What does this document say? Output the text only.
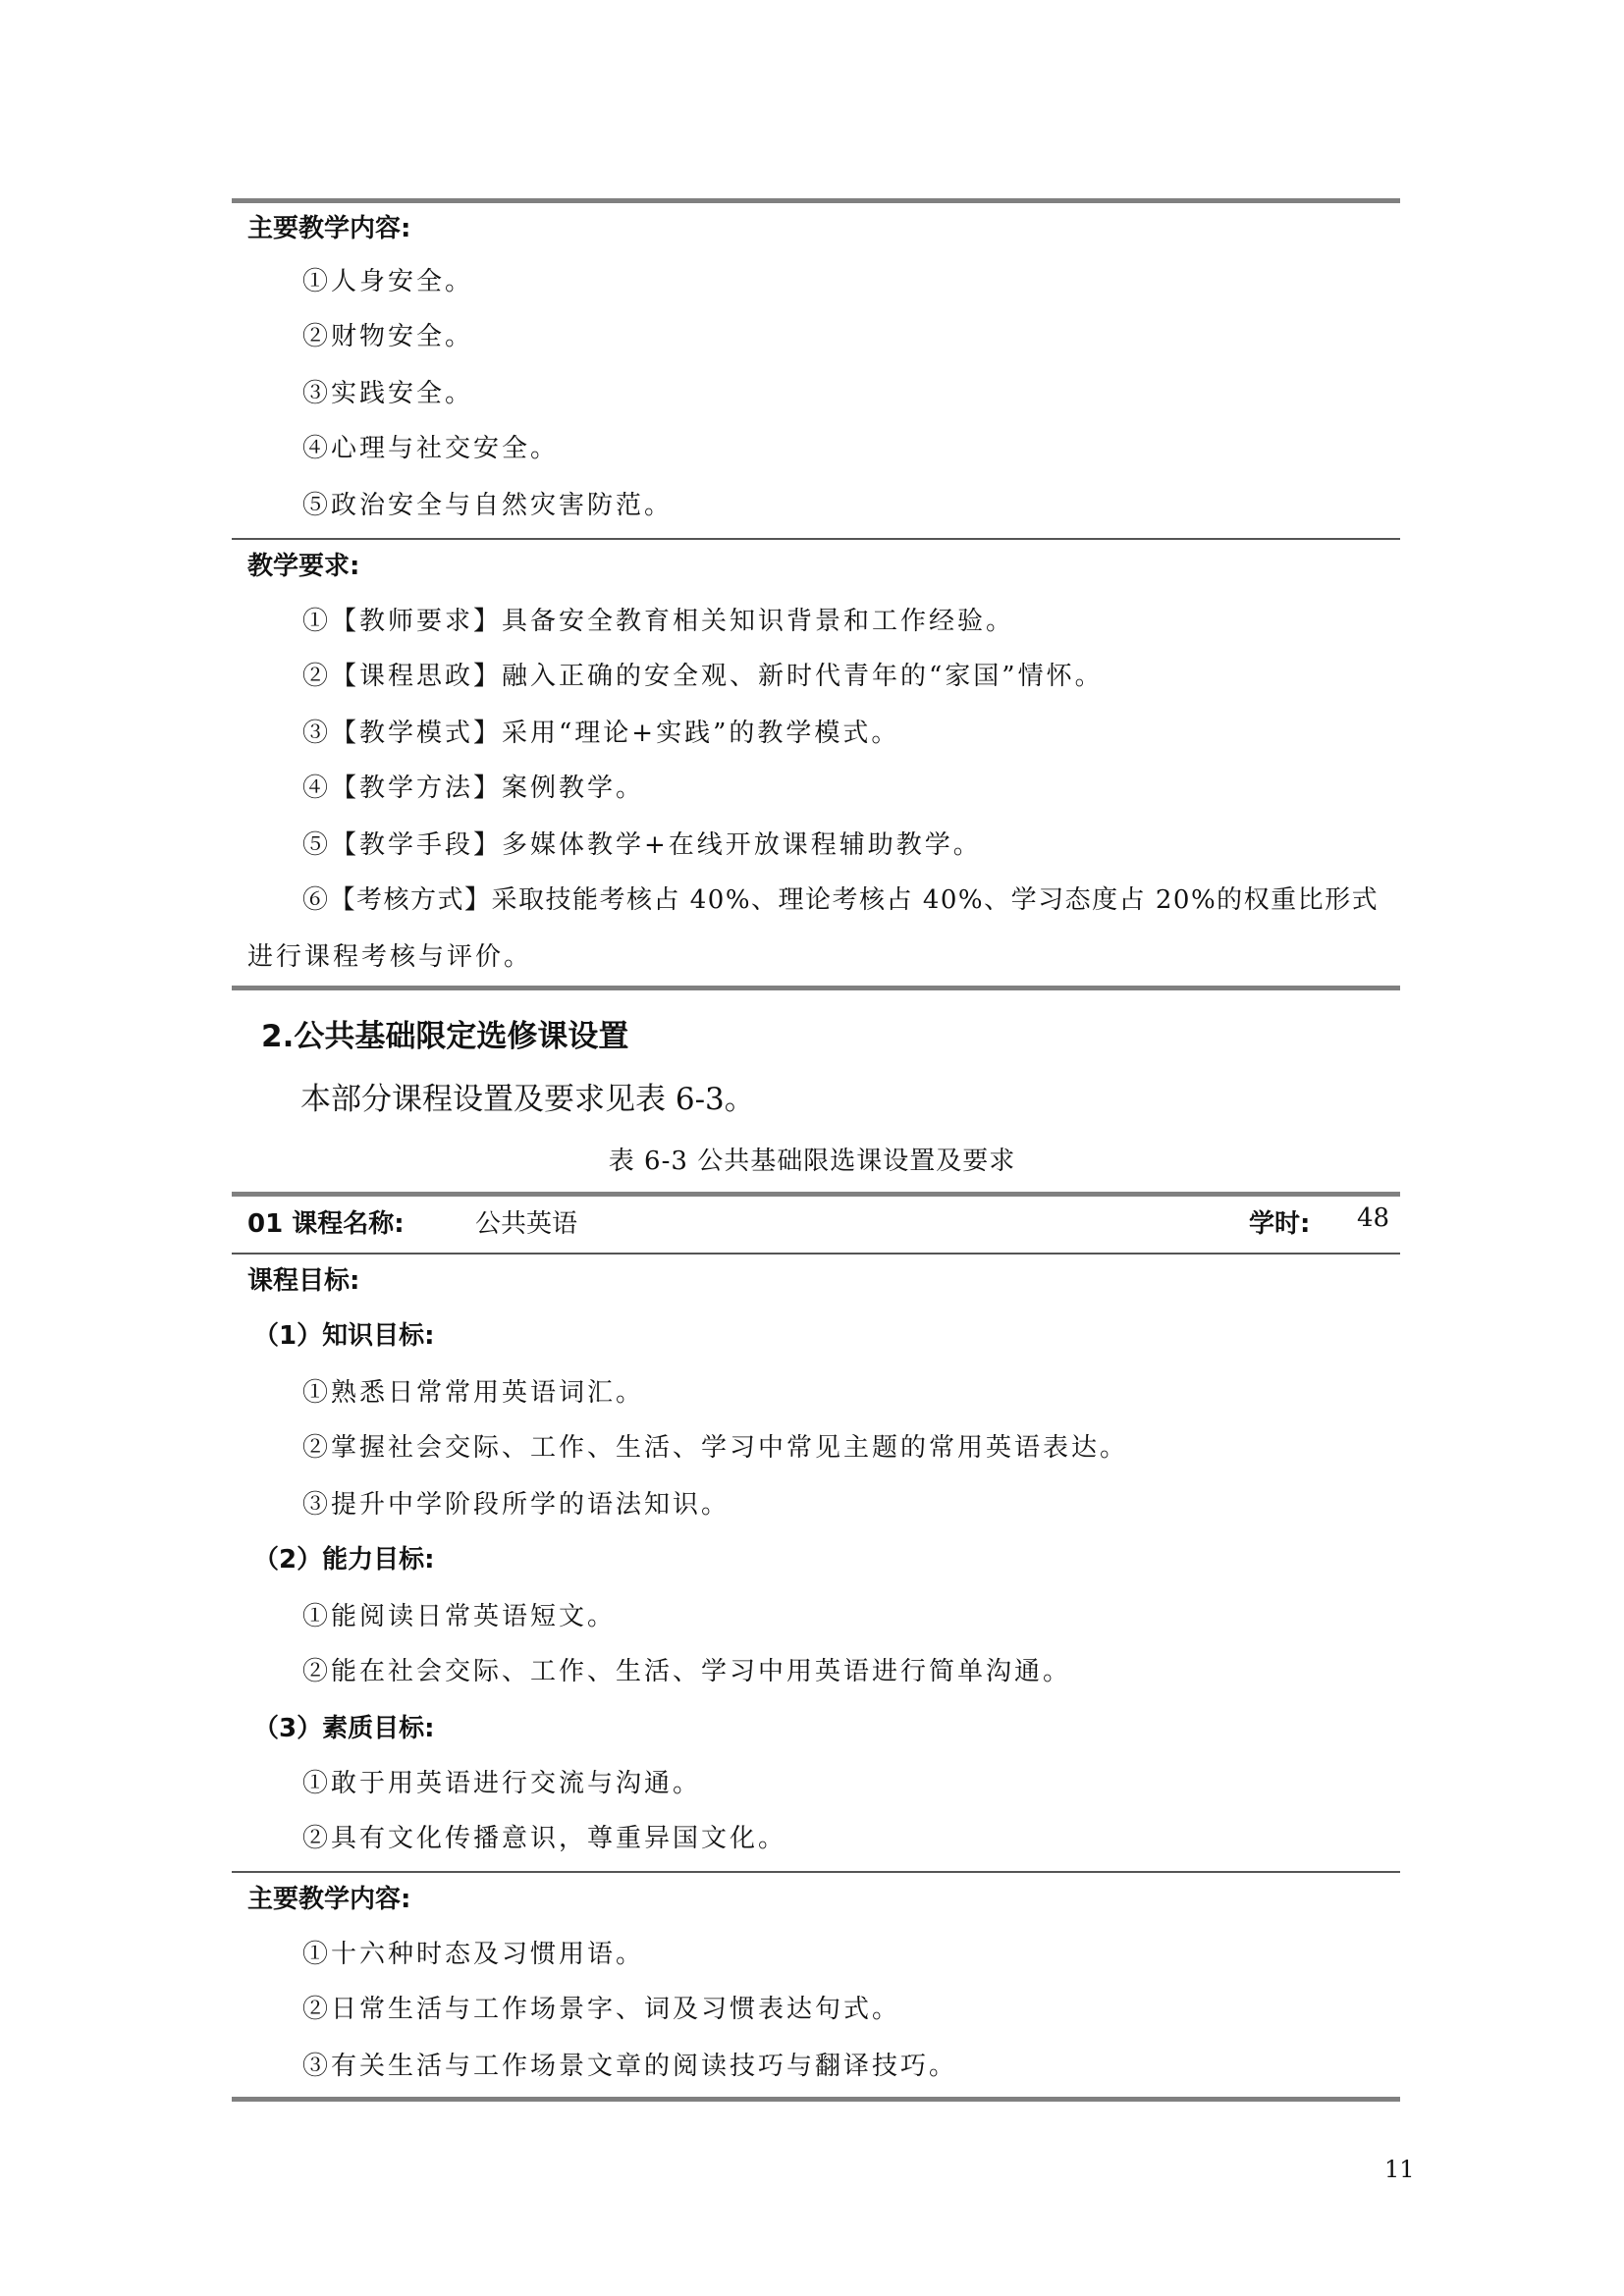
主要教学内容:
①人身安全。
②财物安全。
③实践安全。
④心理与社交安全。
⑤政治安全与自然灾害防范。
教学要求:
①【教师要求】具备安全教育相关知识背景和工作经验。
②【课程思政】融入正确的安全观、新时代青年的“家国”情怀。
③【教学模式】采用“理论+实践”的教学模式。
④【教学方法】案例教学。
⑤【教学手段】多媒体教学+在线开放课程辅助教学。
⑥【考核方式】采取技能考核占 40%、理论考核占 40%、学习态度占 20%的权重比形式
进行课程考核与评价。
2.公共基础限定选修课设置
本部分课程设置及要求见表 6-3。
表 6-3 公共基础限选课设置及要求
01 课程名称:	公共英语	学时: 48
课程目标:
（1）知识目标:
①熟悉日常常用英语词汇。
②掌握社会交际、工作、生活、学习中常见主题的常用英语表达。
③提升中学阶段所学的语法知识。
（2）能力目标:
①能阅读日常英语短文。
②能在社会交际、工作、生活、学习中用英语进行简单沟通。
（3）素质目标:
①敢于用英语进行交流与沟通。
②具有文化传播意识，尊重异国文化。
主要教学内容:
①十六种时态及习惯用语。
②日常生活与工作场景字、词及习惯表达句式。
③有关生活与工作场景文章的阅读技巧与翻译技巧。
11
